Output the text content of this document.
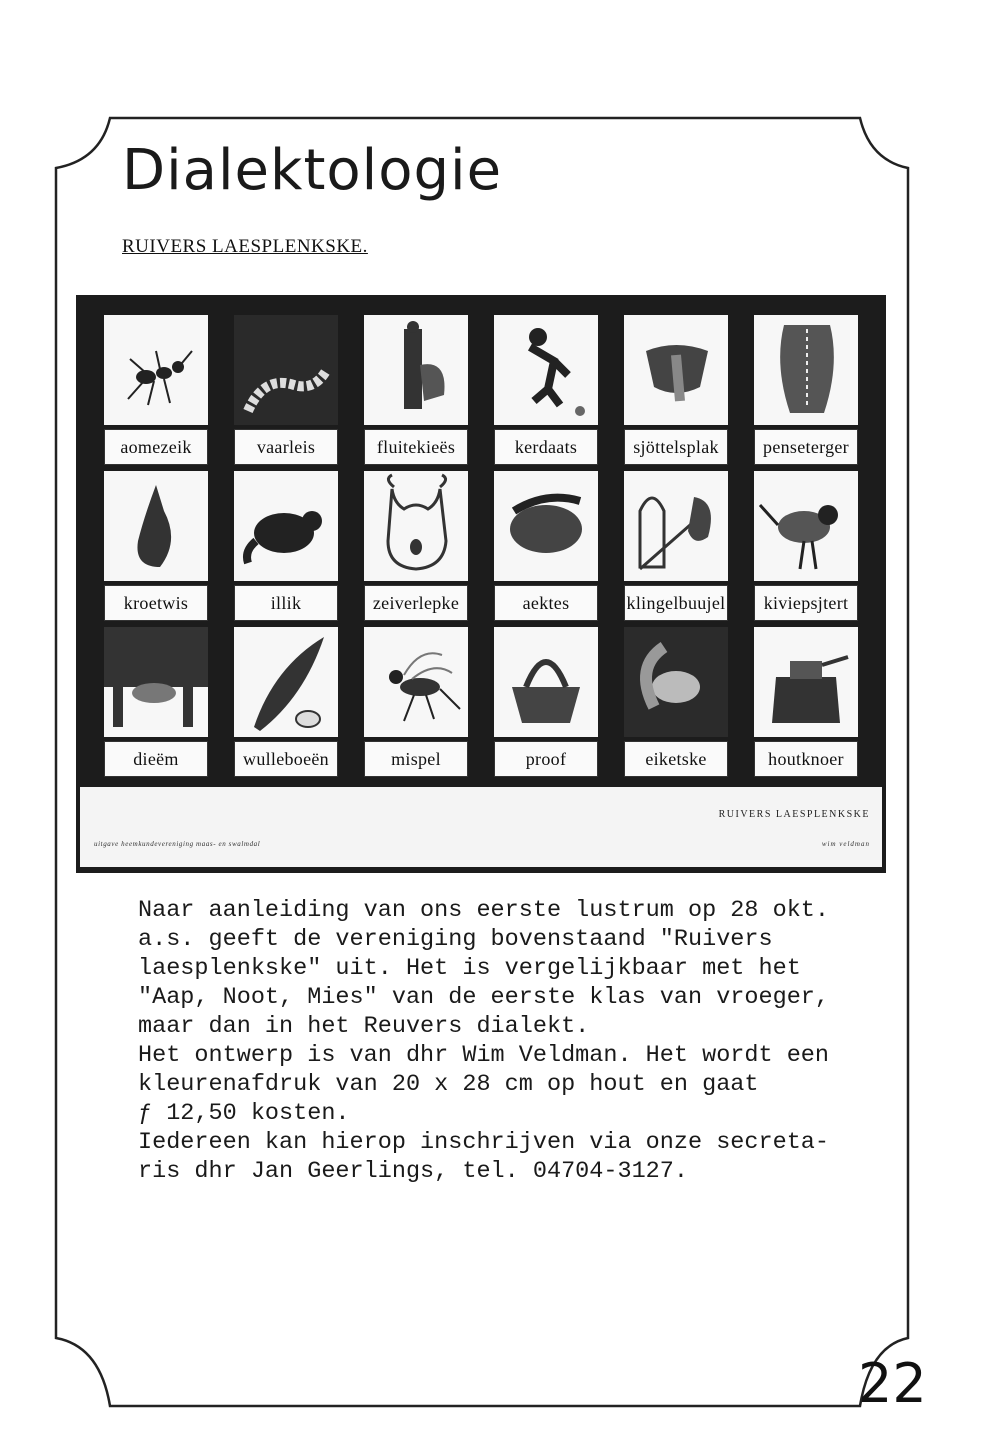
Dialektologie
RUIVERS LAESPLENKSKE.
aomezeik	vaarleis	fluitekieës	kerdaats	sjöttelsplak	penseterger
kroetwis	illik	zeiverlepke	aektes	klingelbuujel	kiviepsjtert
dieëm	wulleboeën	mispel	proof	eiketske	houtknoer
RUIVERS LAESPLENKSKE
uitgave heemkundevereniging maas- en swalmdal	wim veldman

Naar aanleiding van ons eerste lustrum op 28 okt.

a.s. geeft de vereniging bovenstaand "Ruivers

laesplenkske" uit. Het is vergelijkbaar met het

"Aap, Noot, Mies" van de eerste klas van vroeger,

maar dan in het Reuvers dialekt.

Het ontwerp is van dhr Wim Veldman. Het wordt een

kleurenafdruk van 20 x 28 cm op hout en gaat

ƒ 12,50 kosten.

Iedereen kan hierop inschrijven via onze secreta-

ris dhr Jan Geerlings, tel. 04704-3127.

22
